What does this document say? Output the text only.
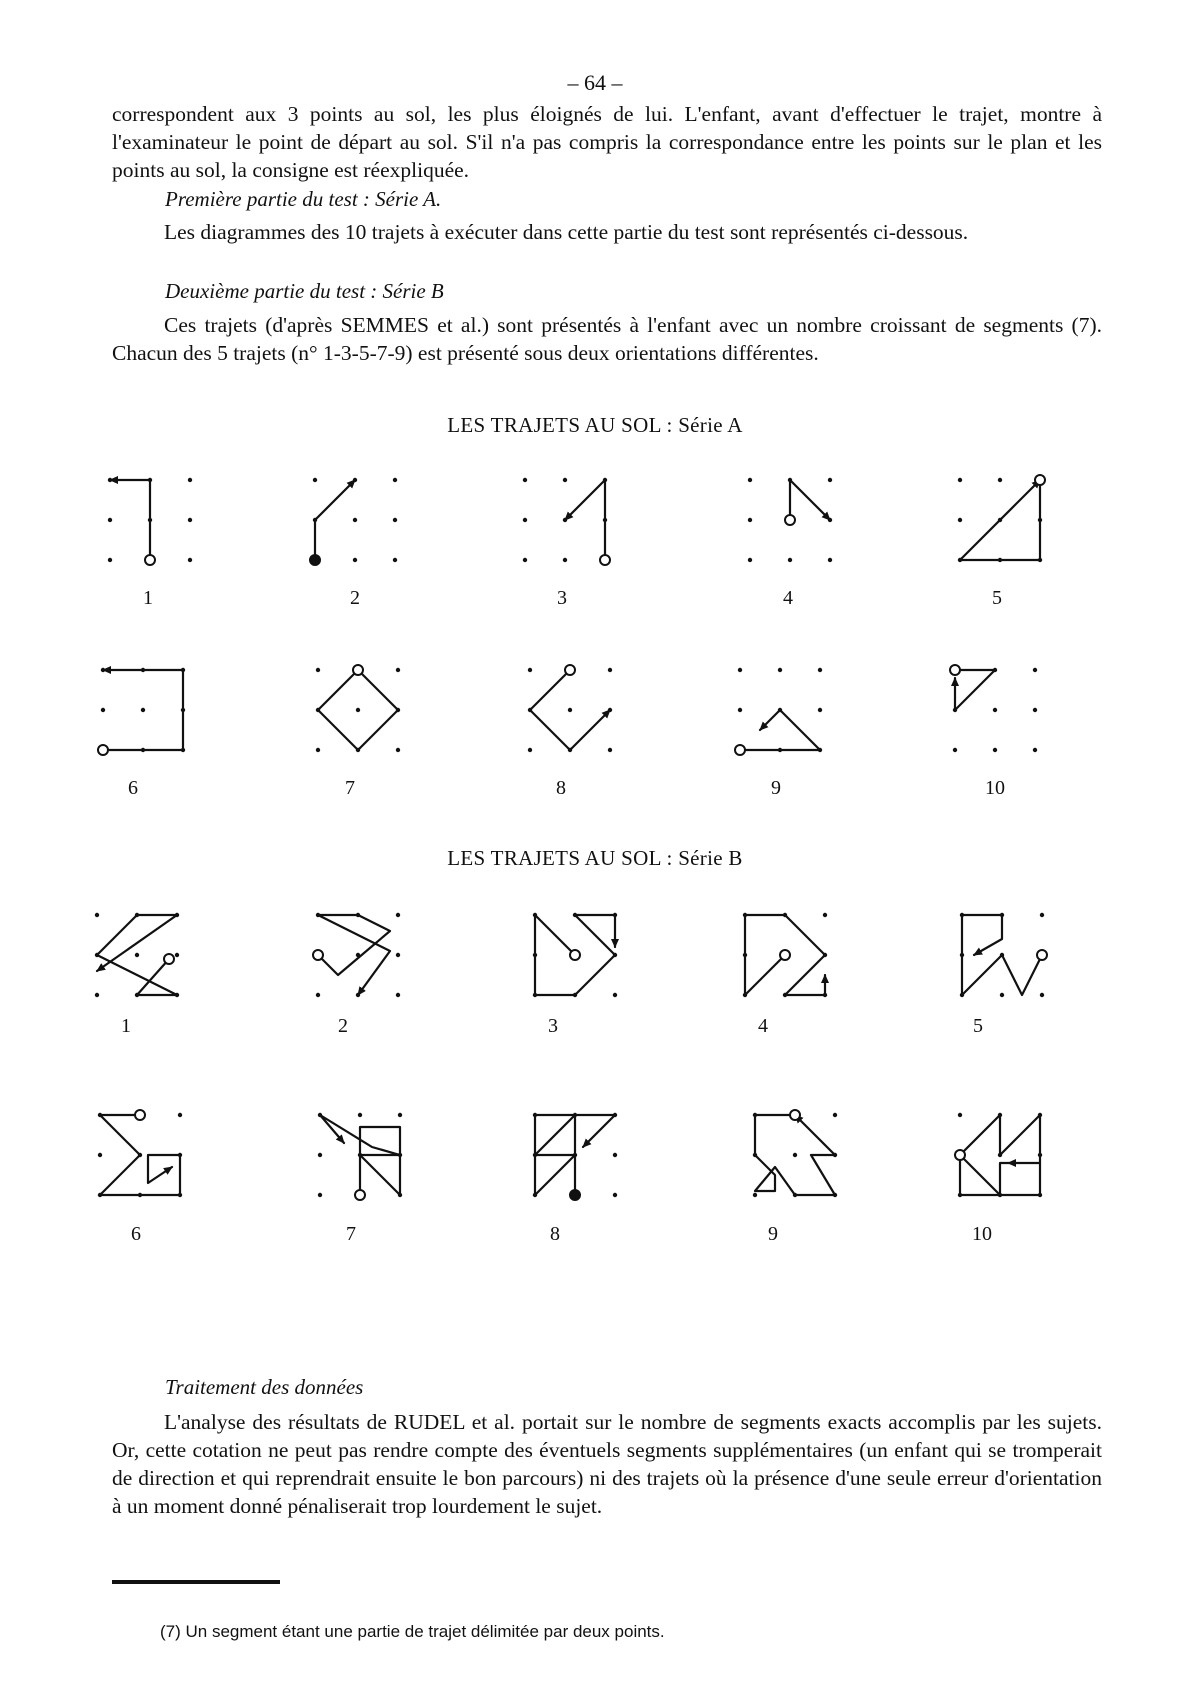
– 64 –

correspondent aux 3 points au sol, les plus éloignés de lui. L'enfant, avant d'effectuer le trajet, montre à l'examinateur le point de départ au sol. S'il n'a pas compris la correspondance entre les points sur le plan et les points au sol, la consigne est réexpliquée.

Première partie du test : Série A.

Les diagrammes des 10 trajets à exécuter dans cette partie du test sont représentés ci-dessous.

Deuxième partie du test : Série B

Ces trajets (d'après SEMMES et al.) sont présentés à l'enfant avec un nombre croissant de segments (7). Chacun des 5 trajets (n° 1-3-5-7-9) est présenté sous deux orientations différentes.

LES TRAJETS AU SOL : Série A
LES TRAJETS AU SOL : Série B
1	2	3	4	5
6	7	8	9	10
1	2	3	4	5
6	7	8	9	10
Traitement des données

L'analyse des résultats de RUDEL et al. portait sur le nombre de segments exacts accomplis par les sujets. Or, cette cotation ne peut pas rendre compte des éventuels segments supplémentaires (un enfant qui se tromperait de direction et qui reprendrait ensuite le bon parcours) ni des trajets où la présence d'une seule erreur d'orientation à un moment donné pénaliserait trop lourdement le sujet.

(7) Un segment étant une partie de trajet délimitée par deux points.
